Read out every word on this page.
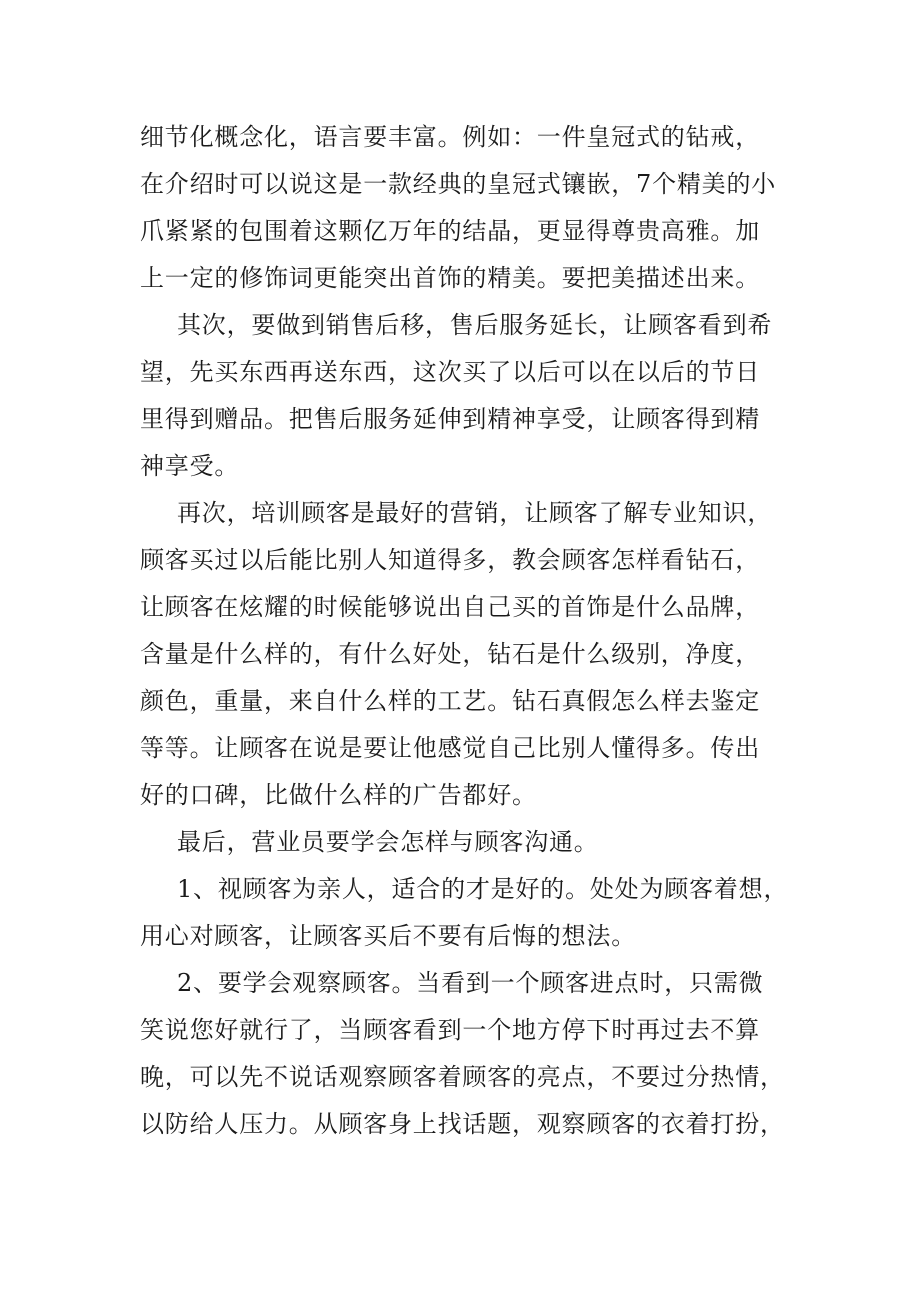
细节化概念化，语言要丰富。例如：一件皇冠式的钻戒，
在介绍时可以说这是一款经典的皇冠式镶嵌，7个精美的小
爪紧紧的包围着这颗亿万年的结晶，更显得尊贵高雅。加
上一定的修饰词更能突出首饰的精美。要把美描述出来。
其次，要做到销售后移，售后服务延长，让顾客看到希
望，先买东西再送东西，这次买了以后可以在以后的节日
里得到赠品。把售后服务延伸到精神享受，让顾客得到精
神享受。
再次，培训顾客是最好的营销，让顾客了解专业知识，
顾客买过以后能比别人知道得多，教会顾客怎样看钻石，
让顾客在炫耀的时候能够说出自己买的首饰是什么品牌，
含量是什么样的，有什么好处，钻石是什么级别，净度，
颜色，重量，来自什么样的工艺。钻石真假怎么样去鉴定
等等。让顾客在说是要让他感觉自己比别人懂得多。传出
好的口碑，比做什么样的广告都好。
最后，营业员要学会怎样与顾客沟通。
1、视顾客为亲人，适合的才是好的。处处为顾客着想，
用心对顾客，让顾客买后不要有后悔的想法。
2、要学会观察顾客。当看到一个顾客进点时，只需微
笑说您好就行了，当顾客看到一个地方停下时再过去不算
晚，可以先不说话观察顾客着顾客的亮点，不要过分热情，
以防给人压力。从顾客身上找话题，观察顾客的衣着打扮，
